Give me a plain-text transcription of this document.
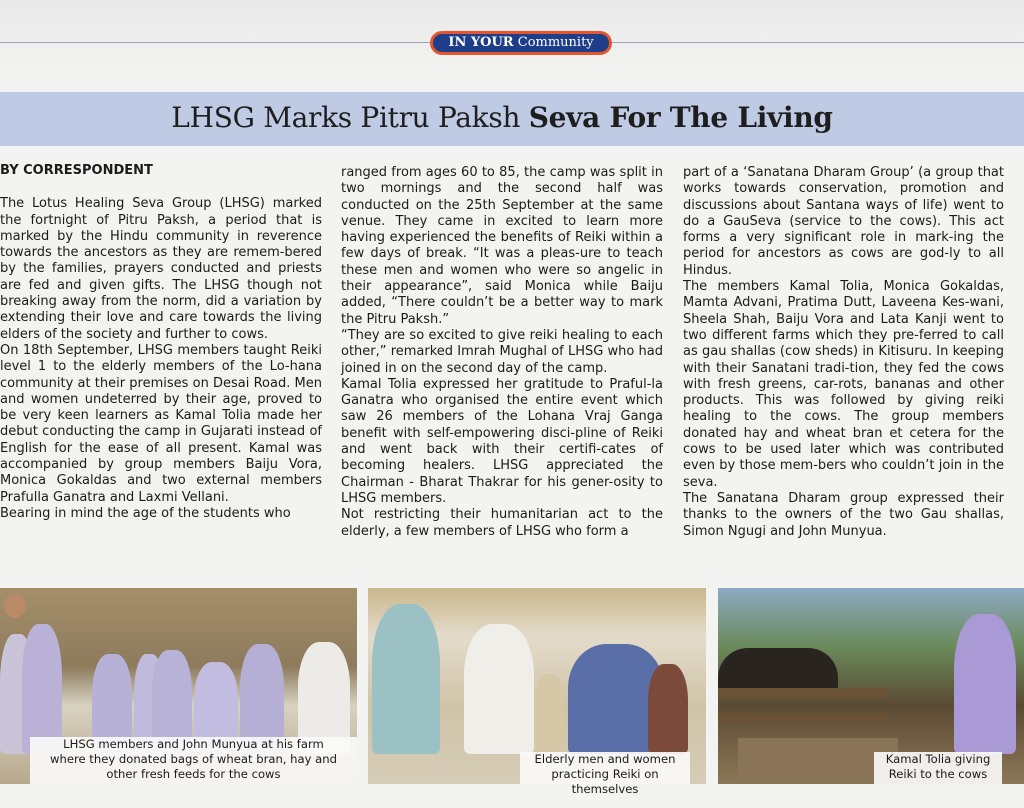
IN YOUR Community
LHSG Marks Pitru Paksh Seva For The Living

BY CORRESPONDENT

The Lotus Healing Seva Group (LHSG) marked the fortnight of Pitru Paksh, a period that is marked by the Hindu community in reverence towards the ancestors as they are remem-bered by the families, prayers conducted and priests are fed and given gifts. The LHSG though not breaking away from the norm, did a variation by extending their love and care towards the living elders of the society and further to cows.

On 18th September, LHSG members taught Reiki level 1 to the elderly members of the Lo-hana community at their premises on Desai Road. Men and women undeterred by their age, proved to be very keen learners as Kamal Tolia made her debut conducting the camp in Gujarati instead of English for the ease of all present. Kamal was accompanied by group members Baiju Vora, Monica Gokaldas and two external members Prafulla Ganatra and Laxmi Vellani.

Bearing in mind the age of the students who

ranged from ages 60 to 85, the camp was split in two mornings and the second half was conducted on the 25th September at the same venue. They came in excited to learn more having experienced the benefits of Reiki within a few days of break. “It was a pleas-ure to teach these men and women who were so angelic in their appearance”, said Monica while Baiju added, “There couldn’t be a better way to mark the Pitru Paksh.”

“They are so excited to give reiki healing to each other,” remarked Imrah Mughal of LHSG who had joined in on the second day of the camp.

Kamal Tolia expressed her gratitude to Praful-la Ganatra who organised the entire event which saw 26 members of the Lohana Vraj Ganga benefit with self-empowering disci-pline of Reiki and went back with their certifi-cates of becoming healers. LHSG appreciated the Chairman - Bharat Thakrar for his gener-osity to LHSG members.

Not restricting their humanitarian act to the elderly, a few members of LHSG who form a

part of a ‘Sanatana Dharam Group’ (a group that works towards conservation, promotion and discussions about Santana ways of life) went to do a GauSeva (service to the cows). This act forms a very significant role in mark-ing the period for ancestors as cows are god-ly to all Hindus.

The members Kamal Tolia, Monica Gokaldas, Mamta Advani, Pratima Dutt, Laveena Kes-wani, Sheela Shah, Baiju Vora and Lata Kanji went to two different farms which they pre-ferred to call as gau shallas (cow sheds) in Kitisuru. In keeping with their Sanatani tradi-tion, they fed the cows with fresh greens, car-rots, bananas and other products. This was followed by giving reiki healing to the cows. The group members donated hay and wheat bran et cetera for the cows to be used later which was contributed even by those mem-bers who couldn’t join in the seva.

The Sanatana Dharam group expressed their thanks to the owners of the two Gau shallas, Simon Ngugi and John Munyua.

LHSG members and John Munyua at his farm
where they donated bags of wheat bran, hay and
other fresh feeds for the cows
Elderly men and women
practicing Reiki on themselves
Kamal Tolia giving
Reiki to the cows
